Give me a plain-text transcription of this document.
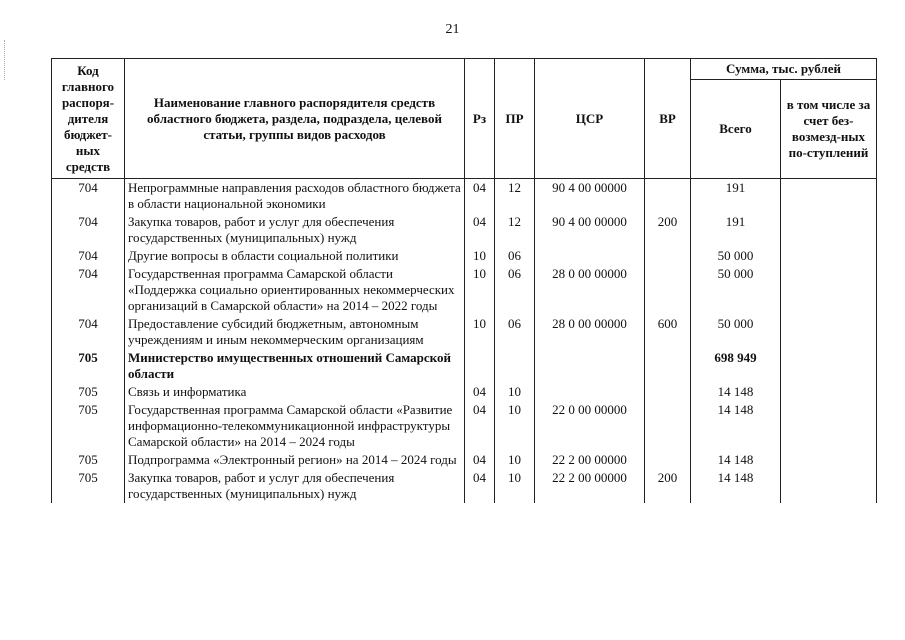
21
Код главного распоря-дителя бюджет-ных средств	Наименование главного распорядителя средств областного бюджета, раздела, подраздела, целевой статьи, группы видов расходов	Рз	ПР	ЦСР	ВР	Сумма, тыс. рублей	
						Всего	в том числе за счет без-возмезд-ных по-ступлений
704	Непрограммные направления расходов областного бюджета в области национальной экономики	04	12	90 4 00 00000		191	
704	Закупка товаров, работ и услуг для обеспечения государственных (муниципальных) нужд	04	12	90 4 00 00000	200	191	
704	Другие вопросы в области социальной политики	10	06			50 000	
704	Государственная программа Самарской области «Поддержка социально ориентированных некоммерческих организаций в Самарской области» на 2014 – 2022 годы	10	06	28 0 00 00000		50 000	
704	Предоставление субсидий бюджетным, автономным учреждениям и иным некоммерческим организациям	10	06	28 0 00 00000	600	50 000	
705	Министерство имущественных отношений Самарской области					698 949	
705	Связь и информатика	04	10			14 148	
705	Государственная программа Самарской области «Развитие информационно-телекоммуникационной инфраструктуры Самарской области» на 2014 – 2024 годы	04	10	22 0 00 00000		14 148	
705	Подпрограмма «Электронный регион» на 2014 – 2024 годы	04	10	22 2 00 00000		14 148	
705	Закупка товаров, работ и услуг для обеспечения государственных (муниципальных) нужд	04	10	22 2 00 00000	200	14 148	
